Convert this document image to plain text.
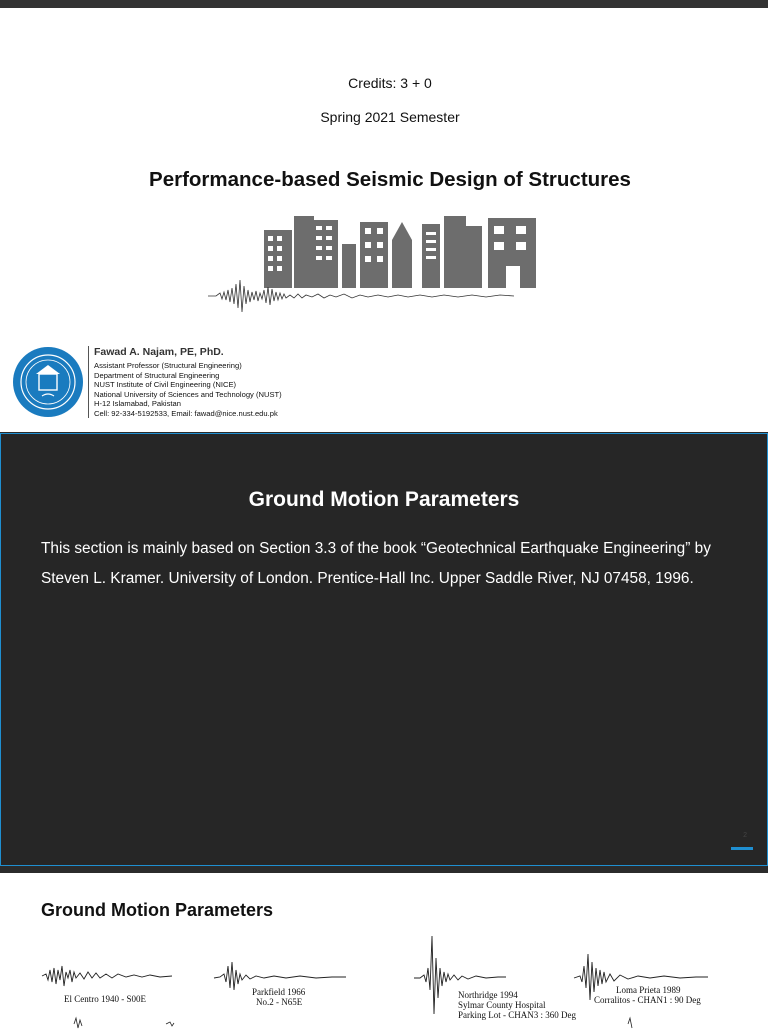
Credits: 3 + 0
Spring 2021 Semester
Performance-based Seismic Design of Structures
Fawad A. Najam, PE, PhD.
Assistant Professor (Structural Engineering)
Department of Structural Engineering
NUST Institute of Civil Engineering (NICE)
National University of Sciences and Technology (NUST)
H-12 Islamabad, Pakistan
Cell: 92-334-5192533, Email: fawad@nice.nust.edu.pk
Ground Motion Parameters
This section is mainly based on Section 3.3 of the book “Geotechnical Earthquake Engineering” by Steven L. Kramer. University of London. Prentice-Hall Inc. Upper Saddle River, NJ 07458, 1996.
2
Ground Motion Parameters
El Centro 1940 - S00E
Parkfield 1966
No.2 - N65E
Northridge 1994
Sylmar County Hospital
Parking Lot - CHAN3 : 360 Deg
Loma Prieta 1989
Corralitos - CHAN1 : 90 Deg
